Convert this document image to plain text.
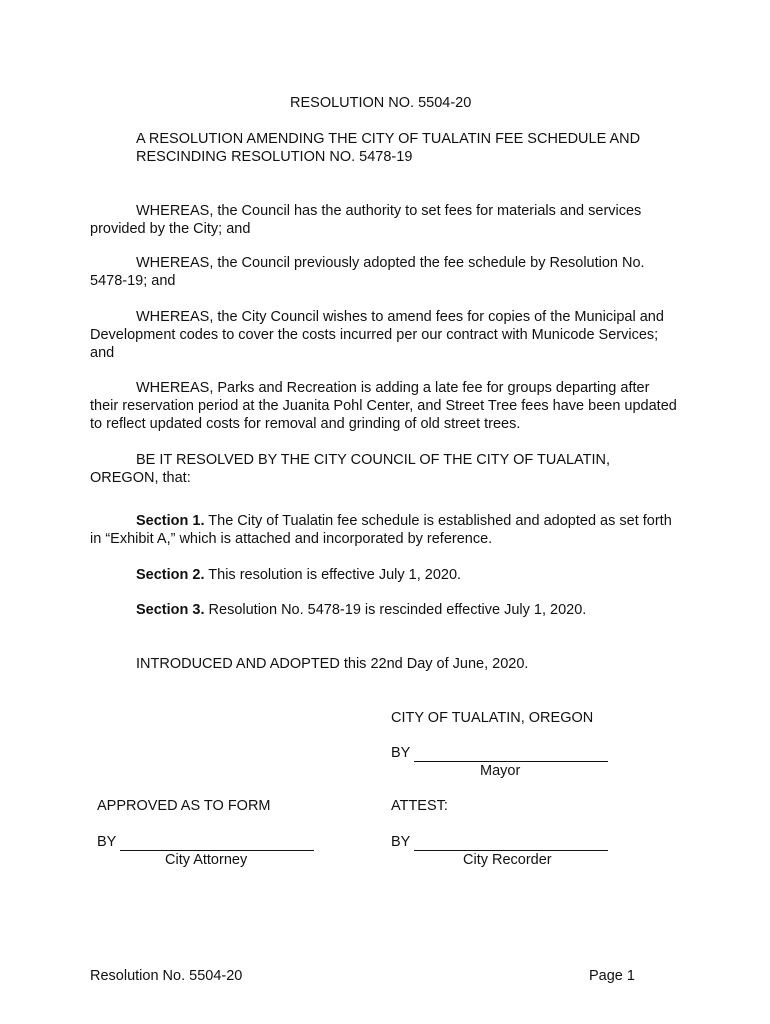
RESOLUTION NO. 5504-20
A RESOLUTION AMENDING THE CITY OF TUALATIN FEE SCHEDULE AND
RESCINDING RESOLUTION NO. 5478-19
WHEREAS, the Council has the authority to set fees for materials and services provided by the City; and
WHEREAS, the Council previously adopted the fee schedule by Resolution No. 5478-19; and
WHEREAS, the City Council wishes to amend fees for copies of the Municipal and Development codes to cover the costs incurred per our contract with Municode Services; and
WHEREAS, Parks and Recreation is adding a late fee for groups departing after their reservation period at the Juanita Pohl Center, and Street Tree fees have been updated to reflect updated costs for removal and grinding of old street trees.
BE IT RESOLVED BY THE CITY COUNCIL OF THE CITY OF TUALATIN, OREGON, that:
Section 1. The City of Tualatin fee schedule is established and adopted as set forth in “Exhibit A,” which is attached and incorporated by reference.
Section 2. This resolution is effective July 1, 2020.
Section 3. Resolution No. 5478-19 is rescinded effective July 1, 2020.
INTRODUCED AND ADOPTED this 22nd Day of June, 2020.
CITY OF TUALATIN, OREGON
BY
Mayor
APPROVED AS TO FORM	ATTEST:
BY	BY
City Attorney	City Recorder
Resolution No. 5504-20	Page 1
